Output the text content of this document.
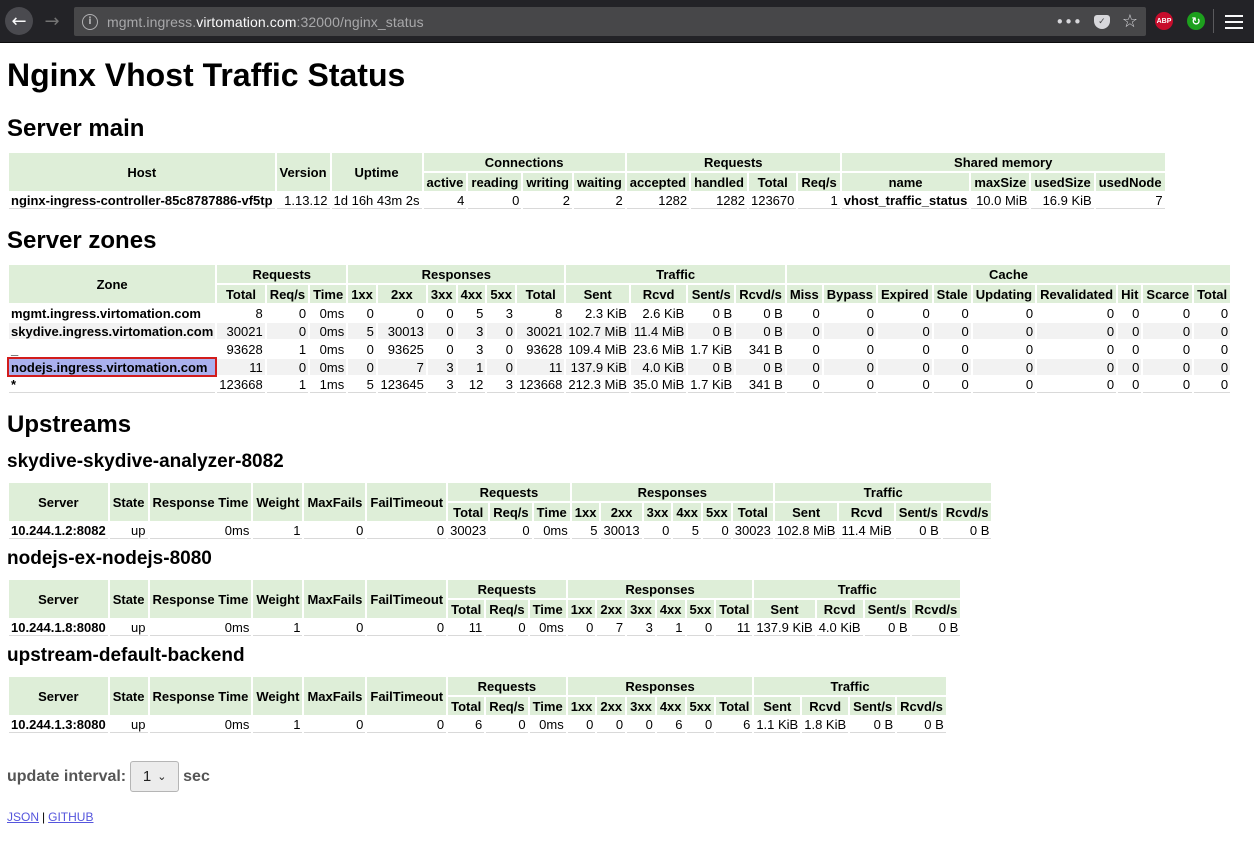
← →	i	mgmt.ingress.virtomation.com:32000/nginx_status	•••	✓ ☆	ABP	↻
Nginx Vhost Traffic Status
Server main
Host	Version	Uptime	Connections				Requests				Shared memory			
			active	reading	writing	waiting	accepted	handled	Total	Req/s	name	maxSize	usedSize	usedNode
nginx-ingress-controller-85c8787886-vf5tp	1.13.12	1d 16h 43m 2s	4	0	2	2	1282	1282	123670	1	vhost_traffic_status	10.0 MiB	16.9 KiB	7
Server zones
Zone	Requests			Responses						Traffic				Cache								
	Total	Req/s	Time	1xx	2xx	3xx	4xx	5xx	Total	Sent	Rcvd	Sent/s	Rcvd/s	Miss	Bypass	Expired	Stale	Updating	Revalidated	Hit	Scarce	Total
mgmt.ingress.virtomation.com	8	0	0ms	0	0	0	5	3	8	2.3 KiB	2.6 KiB	0 B	0 B	0	0	0	0	0	0	0	0	0
skydive.ingress.virtomation.com	30021	0	0ms	5	30013	0	3	0	30021	102.7 MiB	11.4 MiB	0 B	0 B	0	0	0	0	0	0	0	0	0
_	93628	1	0ms	0	93625	0	3	0	93628	109.4 MiB	23.6 MiB	1.7 KiB	341 B	0	0	0	0	0	0	0	0	0
nodejs.ingress.virtomation.com	11	0	0ms	0	7	3	1	0	11	137.9 KiB	4.0 KiB	0 B	0 B	0	0	0	0	0	0	0	0	0
*	123668	1	1ms	5	123645	3	12	3	123668	212.3 MiB	35.0 MiB	1.7 KiB	341 B	0	0	0	0	0	0	0	0	0
Upstreams
skydive-skydive-analyzer-8082
Server	State	Response Time	Weight	MaxFails	FailTimeout	Requests			Responses						Traffic			
						Total	Req/s	Time	1xx	2xx	3xx	4xx	5xx	Total	Sent	Rcvd	Sent/s	Rcvd/s
10.244.1.2:8082	up	0ms	1	0	0	30023	0	0ms	5	30013	0	5	0	30023	102.8 MiB	11.4 MiB	0 B	0 B
nodejs-ex-nodejs-8080
Server	State	Response Time	Weight	MaxFails	FailTimeout	Requests			Responses						Traffic			
						Total	Req/s	Time	1xx	2xx	3xx	4xx	5xx	Total	Sent	Rcvd	Sent/s	Rcvd/s
10.244.1.8:8080	up	0ms	1	0	0	11	0	0ms	0	7	3	1	0	11	137.9 KiB	4.0 KiB	0 B	0 B
upstream-default-backend
Server	State	Response Time	Weight	MaxFails	FailTimeout	Requests			Responses						Traffic			
						Total	Req/s	Time	1xx	2xx	3xx	4xx	5xx	Total	Sent	Rcvd	Sent/s	Rcvd/s
10.244.1.3:8080	up	0ms	1	0	0	6	0	0ms	0	0	0	6	0	6	1.1 KiB	1.8 KiB	0 B	0 B
update interval: 1 ⌄ sec
JSON | GITHUB
